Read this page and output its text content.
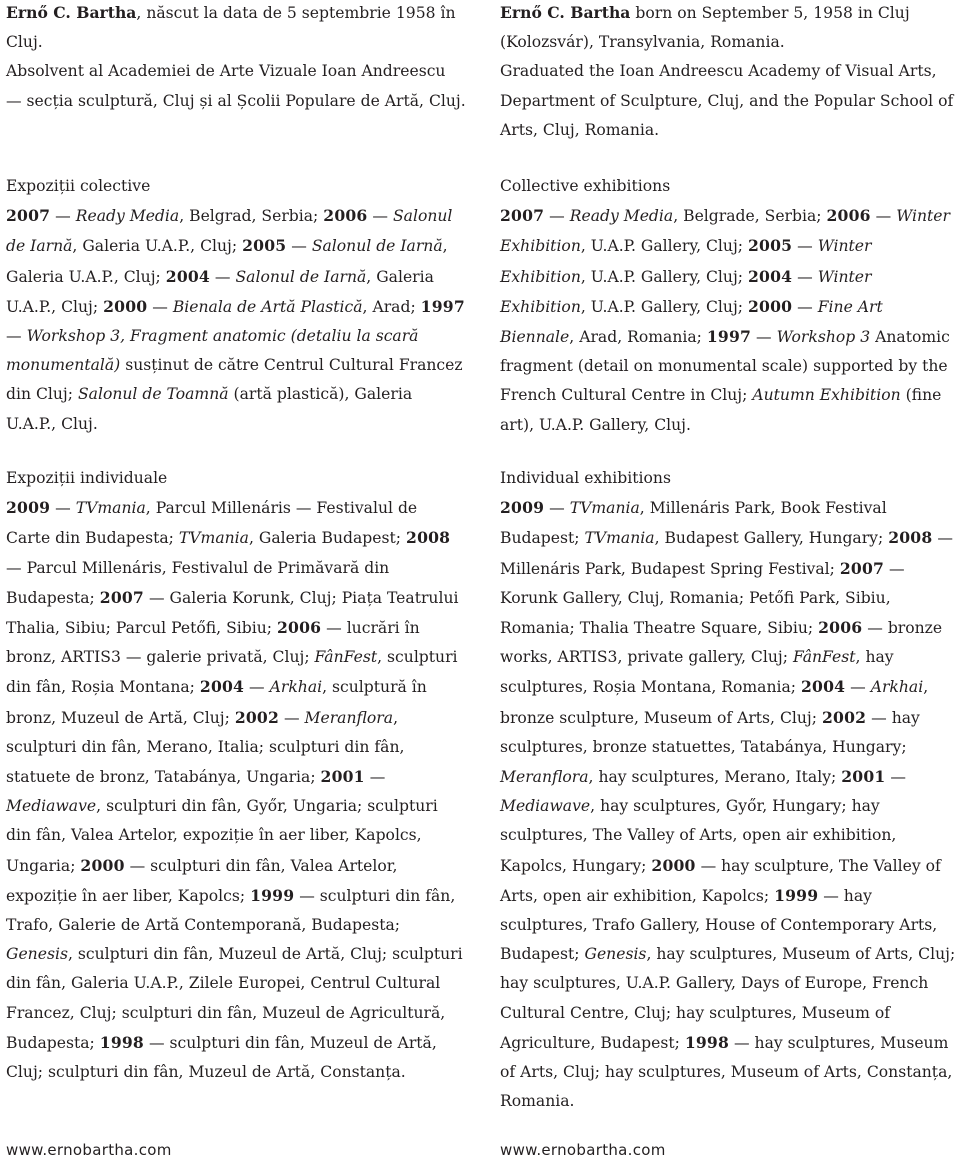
Ernő C. Bartha, născut la data de 5 septembrie 1958 în Cluj.

Absolvent al Academiei de Arte Vizuale Ioan Andreescu — secția sculptură, Cluj și al Școlii Populare de Artă, Cluj.

Expoziții colective

2007 — Ready Media, Belgrad, Serbia; 2006 — Salonul de Iarnă, Galeria U.A.P., Cluj; 2005 — Salonul de Iarnă, Galeria U.A.P., Cluj; 2004 — Salonul de Iarnă, Galeria U.A.P., Cluj; 2000 — Bienala de Artă Plastică, Arad; 1997 — Workshop 3, Fragment anatomic (detaliu la scară monumentală) susținut de către Centrul Cultural Francez din Cluj; Salonul de Toamnă (artă plastică), Galeria U.A.P., Cluj.

Expoziții individuale

2009 — TVmania, Parcul Millenáris — Festivalul de Carte din Budapesta; TVmania, Galeria Budapest; 2008 — Parcul Millenáris, Festivalul de Primăvară din Budapesta; 2007 — Galeria Korunk, Cluj; Piața Teatrului Thalia, Sibiu; Parcul Petőfi, Sibiu; 2006 — lucrări în bronz, ARTIS3 — galerie privată, Cluj; FânFest, sculpturi din fân, Roșia Montana; 2004 — Arkhai, sculptură în bronz, Muzeul de Artă, Cluj; 2002 — Meranflora, sculpturi din fân, Merano, Italia; sculpturi din fân, statuete de bronz, Tatabánya, Ungaria; 2001 — Mediawave, sculpturi din fân, Győr, Ungaria; sculpturi din fân, Valea Artelor, expoziție în aer liber, Kapolcs, Ungaria; 2000 — sculpturi din fân, Valea Artelor, expoziție în aer liber, Kapolcs; 1999 — sculpturi din fân, Trafo, Galerie de Artă Contemporană, Budapesta; Genesis, sculpturi din fân, Muzeul de Artă, Cluj; sculpturi din fân, Galeria U.A.P., Zilele Europei, Centrul Cultural Francez, Cluj; sculpturi din fân, Muzeul de Agricultură, Budapesta; 1998 — sculpturi din fân, Muzeul de Artă, Cluj; sculpturi din fân, Muzeul de Artă, Constanța.

Ernő C. Bartha born on September 5, 1958 in Cluj (Kolozsvár), Transylvania, Romania.

Graduated the Ioan Andreescu Academy of Visual Arts, Department of Sculpture, Cluj, and the Popular School of Arts, Cluj, Romania.

Collective exhibitions

2007 — Ready Media, Belgrade, Serbia; 2006 — Winter Exhibition, U.A.P. Gallery, Cluj; 2005 — Winter Exhibition, U.A.P. Gallery, Cluj; 2004 — Winter Exhibition, U.A.P. Gallery, Cluj; 2000 — Fine Art Biennale, Arad, Romania; 1997 — Workshop 3 Anatomic fragment (detail on monumental scale) supported by the French Cultural Centre in Cluj; Autumn Exhibition (fine art), U.A.P. Gallery, Cluj.

Individual exhibitions

2009 — TVmania, Millenáris Park, Book Festival Budapest; TVmania, Budapest Gallery, Hungary; 2008 — Millenáris Park, Budapest Spring Festival; 2007 — Korunk Gallery, Cluj, Romania; Petőfi Park, Sibiu, Romania; Thalia Theatre Square, Sibiu; 2006 — bronze works, ARTIS3, private gallery, Cluj; FânFest, hay sculptures, Roșia Montana, Romania; 2004 — Arkhai, bronze sculpture, Museum of Arts, Cluj; 2002 — hay sculptures, bronze statuettes, Tatabánya, Hungary; Meranflora, hay sculptures, Merano, Italy; 2001 — Mediawave, hay sculptures, Győr, Hungary; hay sculptures, The Valley of Arts, open air exhibition, Kapolcs, Hungary; 2000 — hay sculpture, The Valley of Arts, open air exhibition, Kapolcs; 1999 — hay sculptures, Trafo Gallery, House of Contemporary Arts, Budapest; Genesis, hay sculptures, Museum of Arts, Cluj; hay sculptures, U.A.P. Gallery, Days of Europe, French Cultural Centre, Cluj; hay sculptures, Museum of Agriculture, Budapest; 1998 — hay sculptures, Museum of Arts, Cluj; hay sculptures, Museum of Arts, Constanța, Romania.

www.ernobartha.com	www.ernobartha.com
